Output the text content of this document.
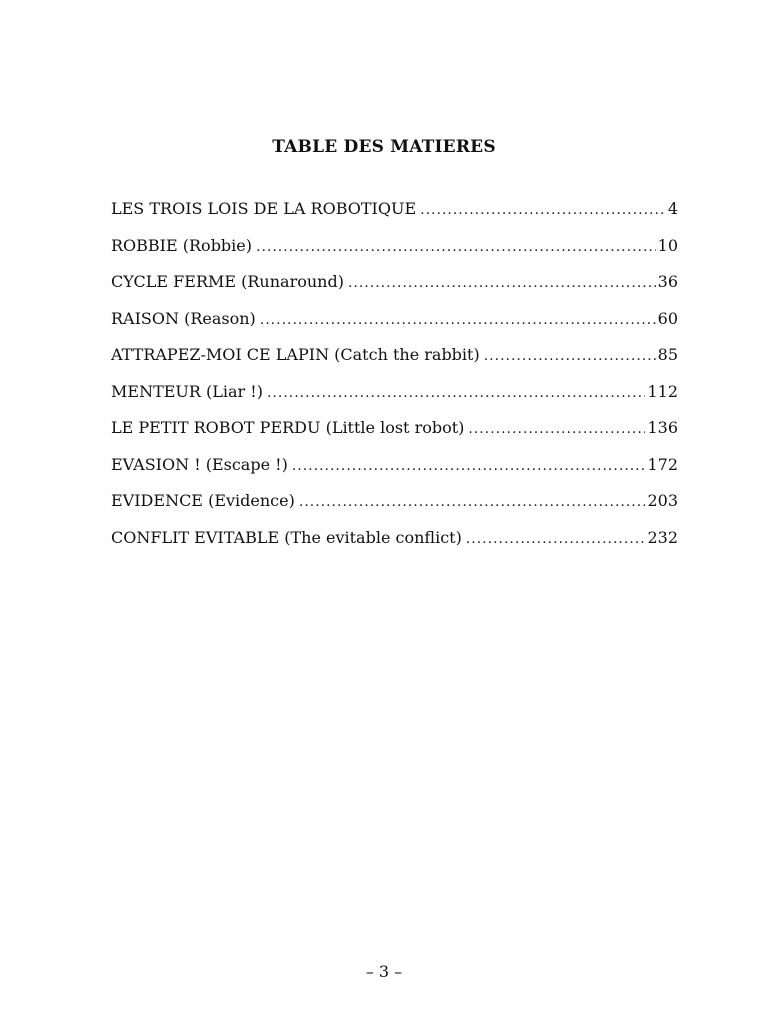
TABLE DES MATIERES
LES TROIS LOIS DE LA ROBOTIQUE .....	4
ROBBIE (Robbie) .....	10
CYCLE FERME (Runaround) .....	36
RAISON (Reason) .....	60
ATTRAPEZ-MOI CE LAPIN (Catch the rabbit) .....	85
MENTEUR (Liar !) .....	112
LE PETIT ROBOT PERDU (Little lost robot) .....	136
EVASION ! (Escape !) .....	172
EVIDENCE (Evidence) .....	203
CONFLIT EVITABLE (The evitable conflict) .....	232
– 3 –
